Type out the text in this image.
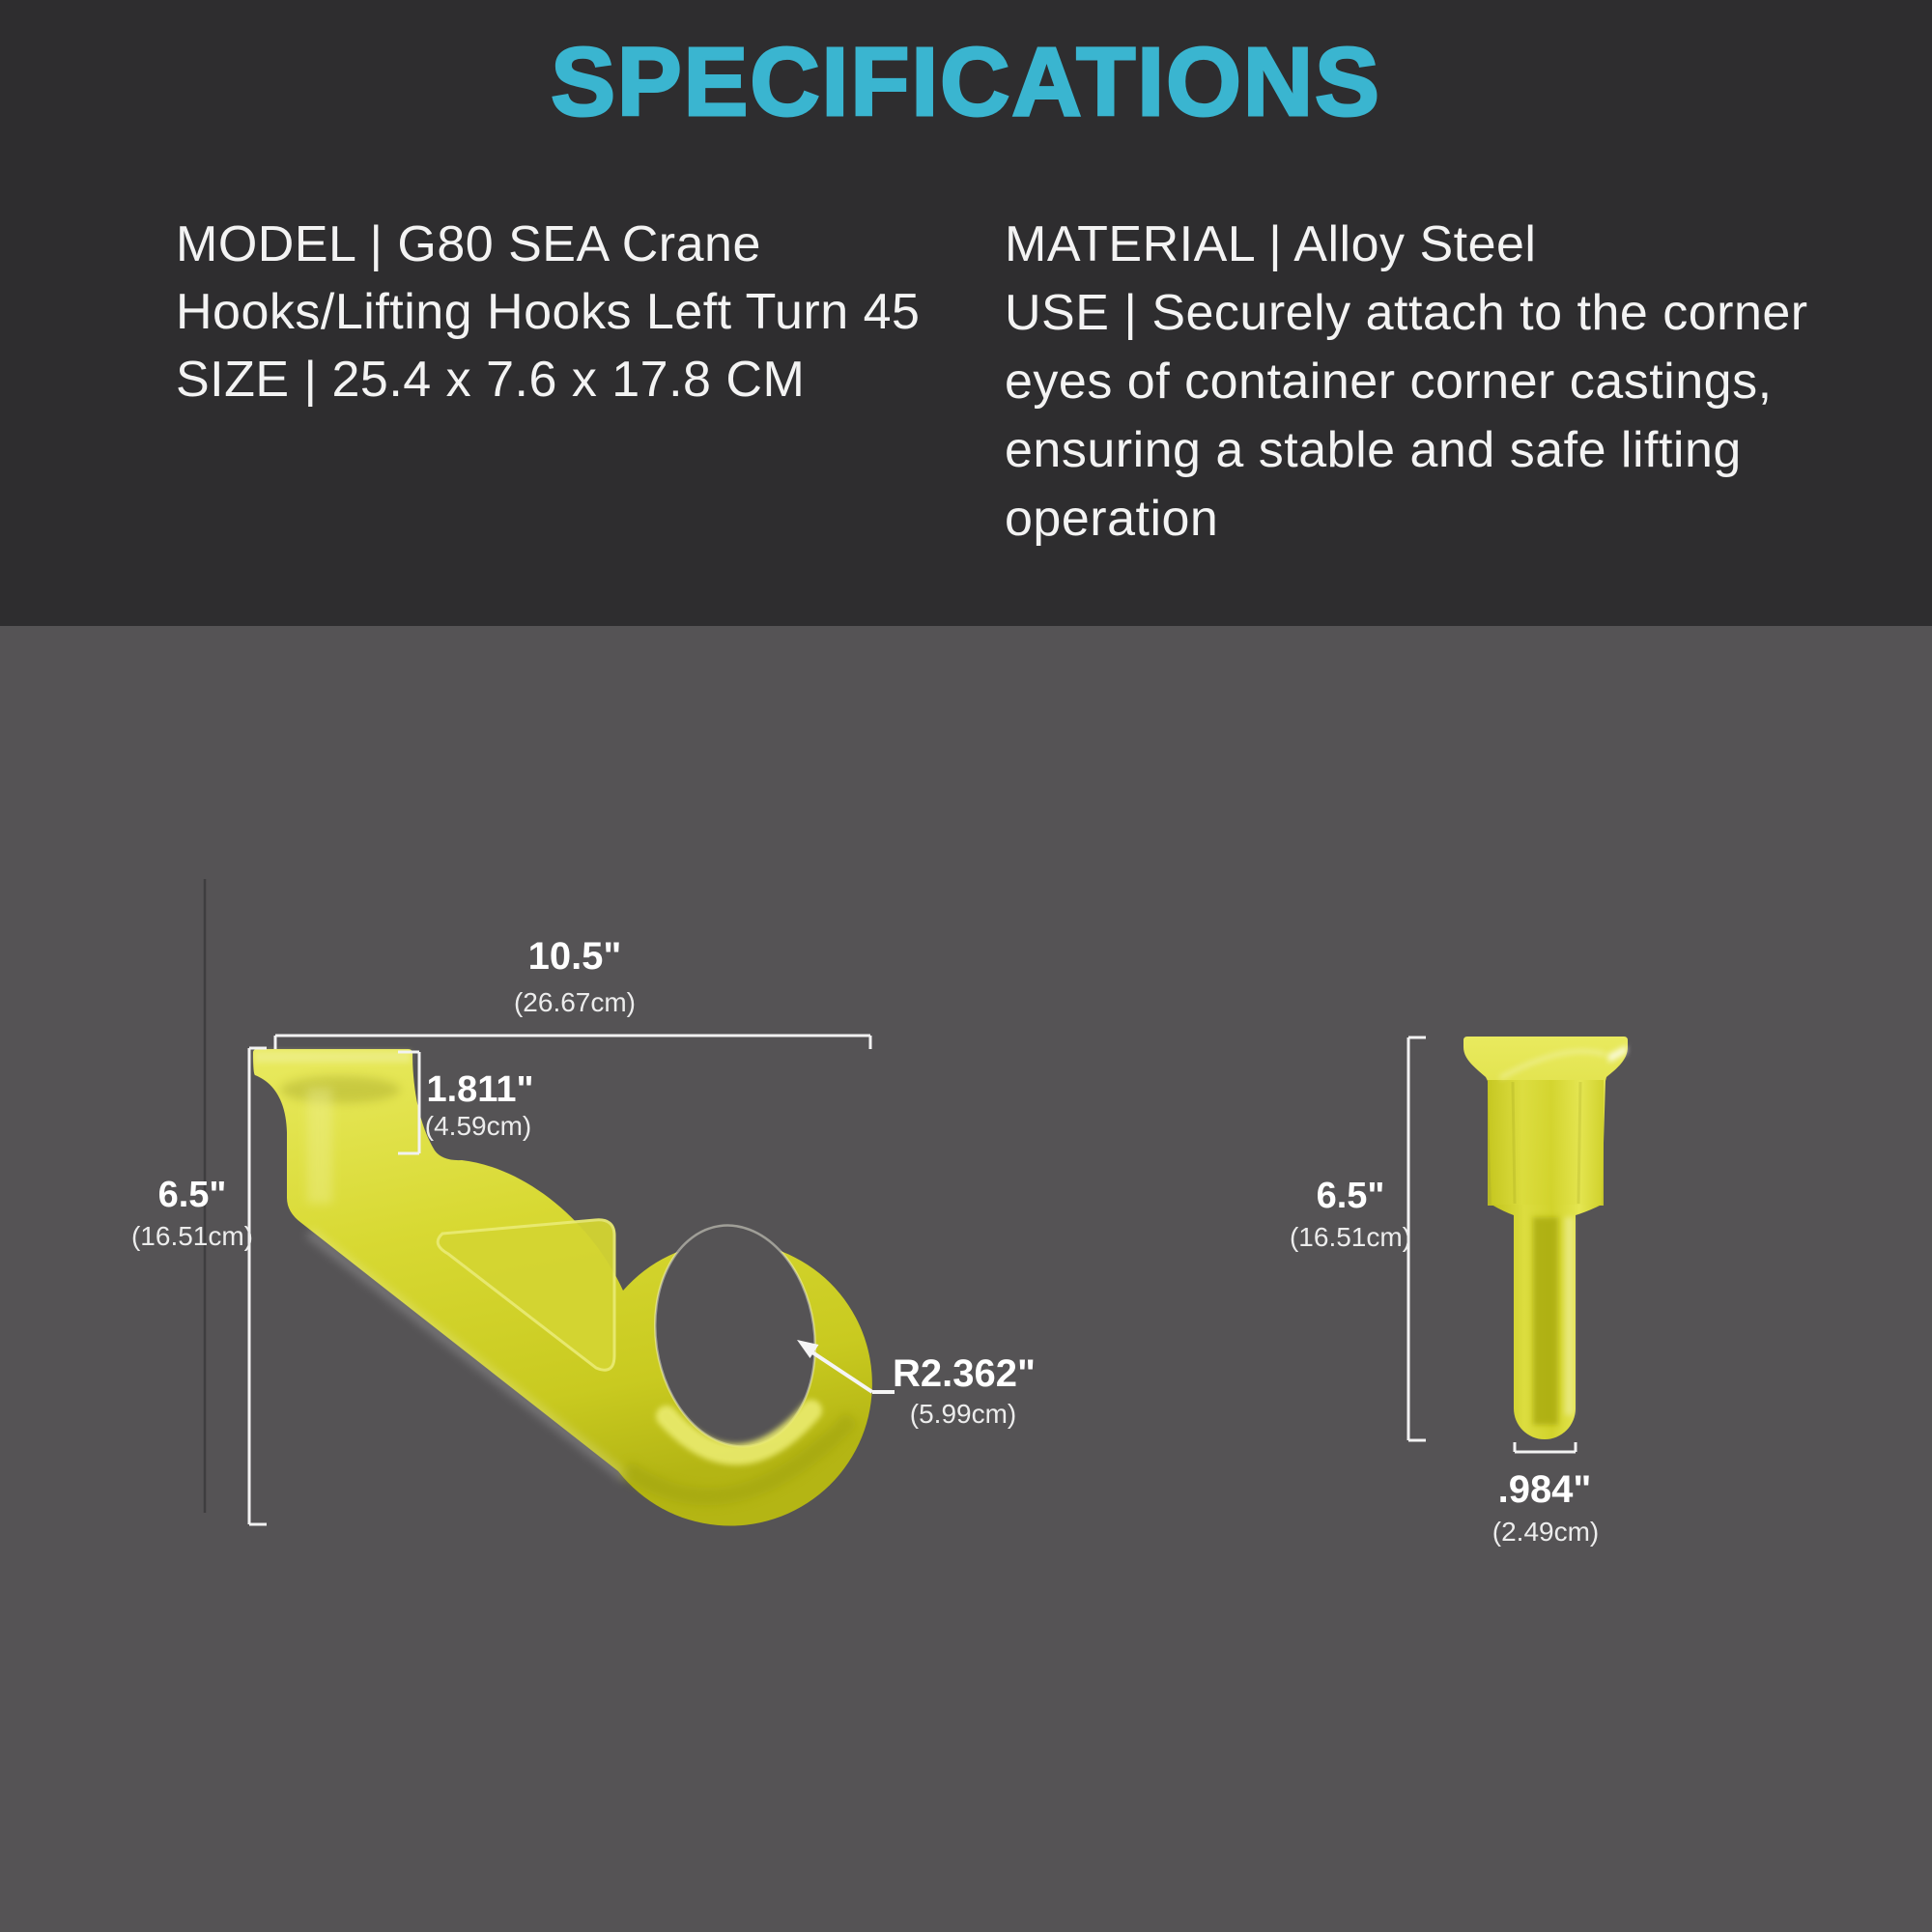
SPECIFICATIONS
MODEL | G80 SEA Crane
Hooks/Lifting Hooks Left Turn 45
SIZE | 25.4 x 7.6 x 17.8 CM
MATERIAL | Alloy Steel
USE | Securely attach to the corner
eyes of container corner castings,
ensuring a stable and safe lifting
operation
10.5"
(26.67cm)
1.811"
(4.59cm)
6.5"
(16.51cm)
R2.362"
(5.99cm)
6.5"
(16.51cm)
.984"
(2.49cm)
